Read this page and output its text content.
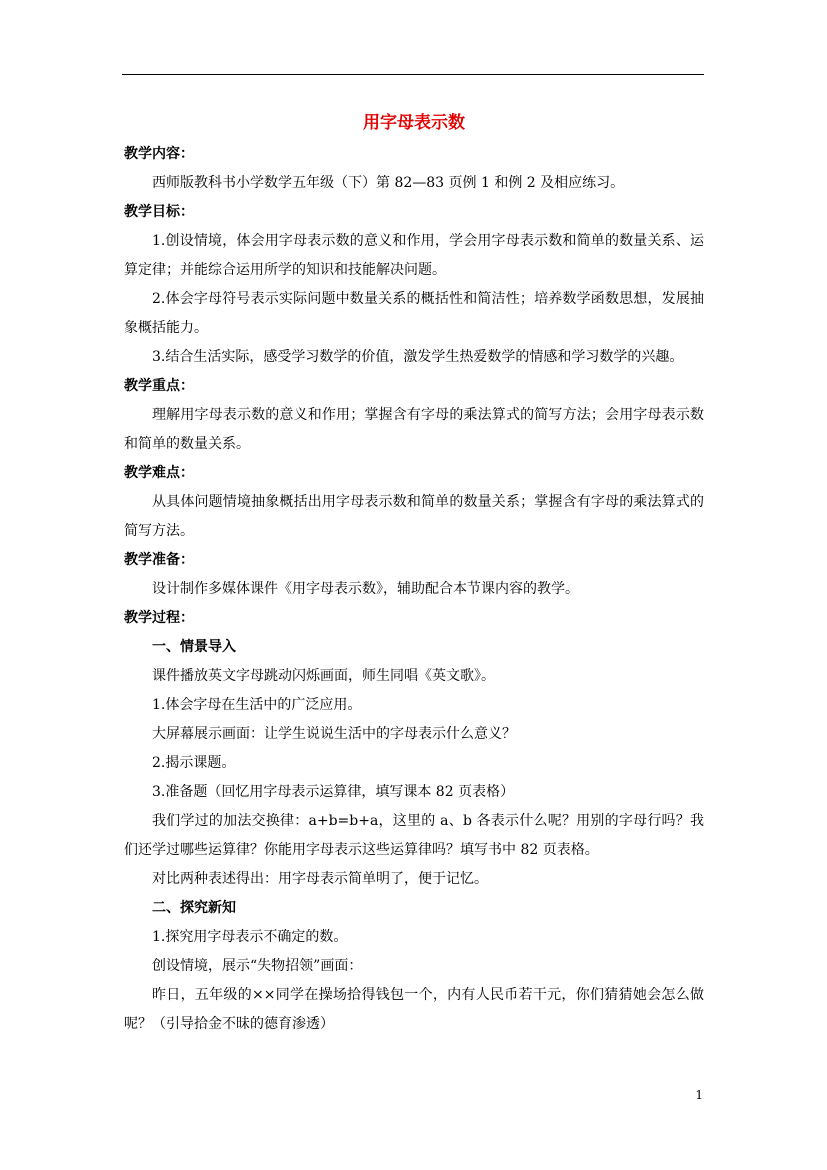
用字母表示数

教学内容：

西师版教科书小学数学五年级（下）第 82—83 页例 1 和例 2 及相应练习。

教学目标：

1.创设情境，体会用字母表示数的意义和作用，学会用字母表示数和简单的数量关系、运算定律；并能综合运用所学的知识和技能解决问题。

2.体会字母符号表示实际问题中数量关系的概括性和简洁性；培养数学函数思想，发展抽象概括能力。

3.结合生活实际，感受学习数学的价值，激发学生热爱数学的情感和学习数学的兴趣。

教学重点：

理解用字母表示数的意义和作用；掌握含有字母的乘法算式的简写方法；会用字母表示数和简单的数量关系。

教学难点：

从具体问题情境抽象概括出用字母表示数和简单的数量关系；掌握含有字母的乘法算式的简写方法。

教学准备：

设计制作多媒体课件《用字母表示数》，辅助配合本节课内容的教学。

教学过程：

一、情景导入

课件播放英文字母跳动闪烁画面，师生同唱《英文歌》。

1.体会字母在生活中的广泛应用。

大屏幕展示画面：让学生说说生活中的字母表示什么意义？

2.揭示课题。

3.准备题（回忆用字母表示运算律，填写课本 82 页表格）

我们学过的加法交换律：a+b=b+a，这里的 a、b 各表示什么呢？用别的字母行吗？我们还学过哪些运算律？你能用字母表示这些运算律吗？填写书中 82 页表格。

对比两种表述得出：用字母表示简单明了，便于记忆。

二、探究新知

1.探究用字母表示不确定的数。

创设情境，展示“失物招领”画面：

昨日，五年级的××同学在操场拾得钱包一个，内有人民币若干元，你们猜猜她会怎么做呢？（引导拾金不昧的德育渗透）

1
